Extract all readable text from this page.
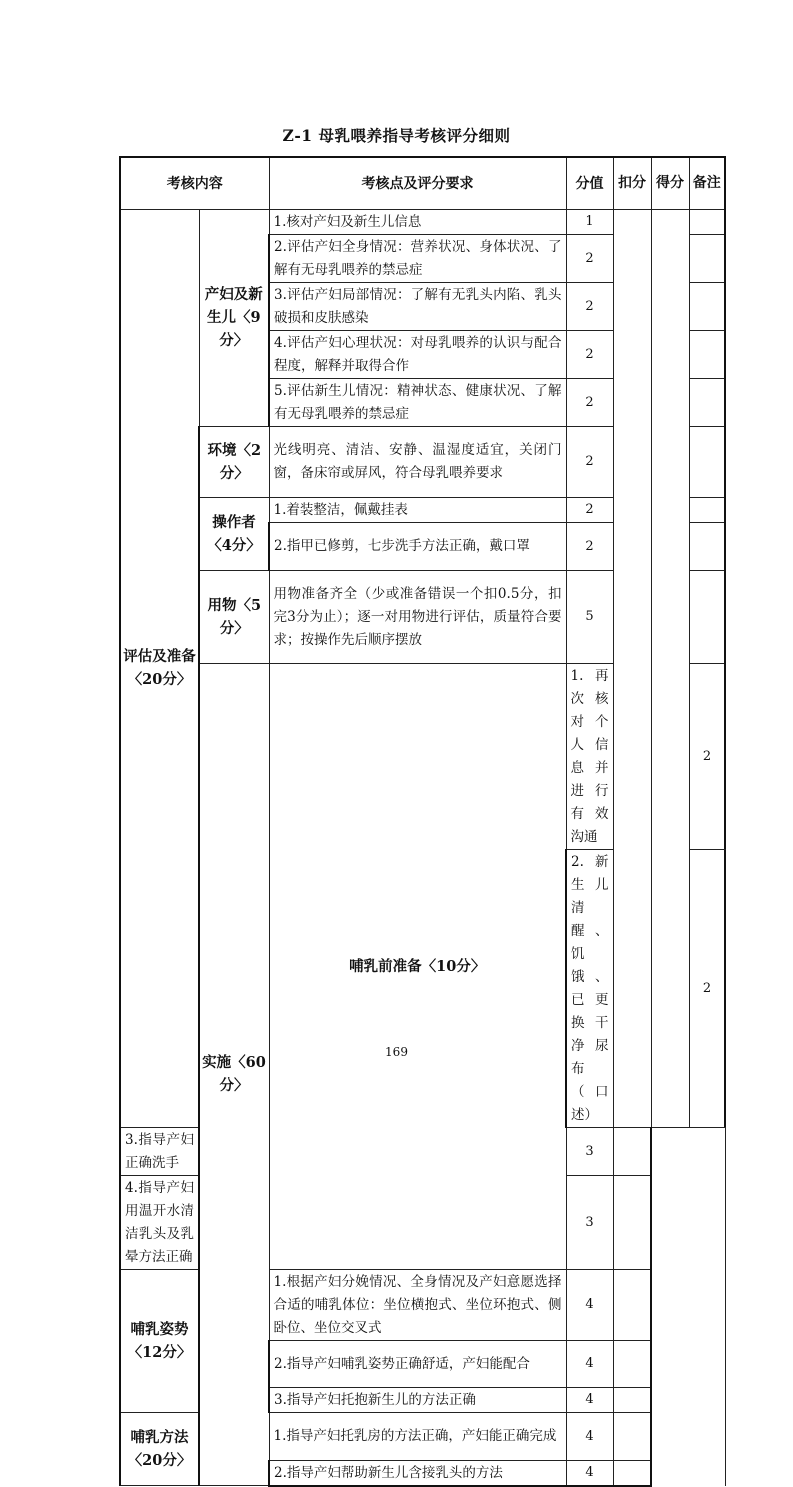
Z-1 母乳喂养指导考核评分细则
考核内容		考核点及评分要求	分值	扣分	得分	备注	
评估及准备〈20分〉	产妇及新生儿〈9分〉	1.核对产妇及新生儿信息	1				
		2.评估产妇全身情况：营养状况、身体状况、了解有无母乳喂养的禁忌症	2				
		3.评估产妇局部情况：了解有无乳头内陷、乳头破损和皮肤感染	2				
		4.评估产妇心理状况：对母乳喂养的认识与配合程度，解释并取得合作	2				
		5.评估新生儿情况：精神状态、健康状况、了解有无母乳喂养的禁忌症	2				
	环境〈2分〉	光线明亮、清洁、安静、温湿度适宜，关闭门窗，备床帘或屏风，符合母乳喂养要求	2				
	操作者〈4分〉	1.着装整洁，佩戴挂表	2				
		2.指甲已修剪，七步洗手方法正确，戴口罩	2				
	用物〈5分〉	用物准备齐全（少或准备错误一个扣0.5分，扣完3分为止）；逐一对用物进行评估，质量符合要求；按操作先后顺序摆放	5				
	实施〈60分〉	哺乳前准备〈10分〉	1.再次核对个人信息并进行有效沟通			2			
			2.新生儿清醒、饥饿、已更换干净尿布（口述）			2	
3.指导产妇正确洗手			3				
4.指导产妇用温开水清洁乳头及乳晕方法正确			3				
哺乳姿势〈12分〉		1.根据产妇分娩情况、全身情况及产妇意愿选择合适的哺乳体位：坐位横抱式、坐位环抱式、侧卧位、坐位交叉式	4				
		2.指导产妇哺乳姿势正确舒适，产妇能配合	4				
		3.指导产妇托抱新生儿的方法正确	4				
哺乳方法〈20分〉		1.指导产妇托乳房的方法正确，产妇能正确完成	4				
		2.指导产妇帮助新生儿含接乳头的方法	4				
169
